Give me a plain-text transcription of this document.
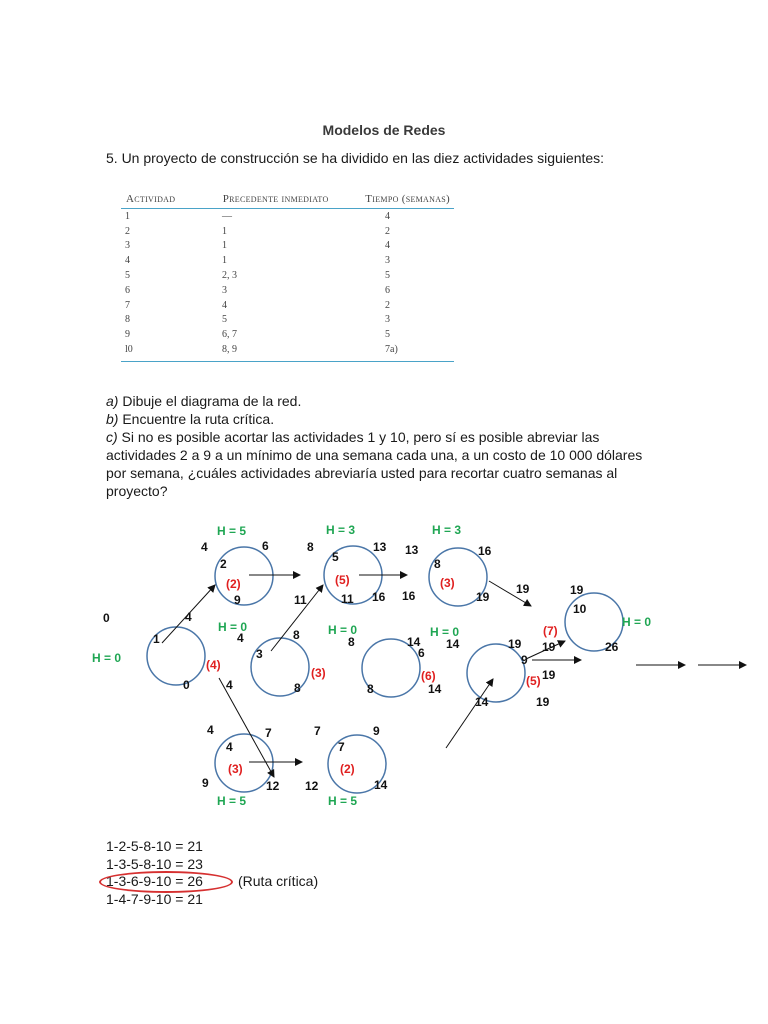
Modelos de Redes
5. Un proyecto de construcción se ha dividido en las diez actividades siguientes:
Actividad	Precedente inmediato	Tiempo (semanas)
1	—	4
2	1	2
3	1	4
4	1	3
5	2, 3	5
6	3	6
7	4	2
8	5	3
9	6, 7	5
l0	8, 9	7a)

a) Dibuje el diagrama de la red.

b) Encuentre la ruta crítica.

c) Si no es posible acortar las actividades 1 y 10, pero sí es posible abreviar las actividades 2 a 9 a un mínimo de una semana cada una, a un costo de 10 000 dólares por semana, ¿cuáles actividades abreviaría usted para recortar cuatro semanas al proyecto?

0
H = 0
1
4
0
(4)
H = 5
4	6
2
(2)
9
H = 0
4	8
3
8
4
(3)
4	7
4
(3)
9	12
H = 5
H = 3
8	13
5
(5)
11	11 16
H = 0
8	14
6
(6)
8	14
7	9
7
(2)
12	14
H = 5
H = 3
13	16
8
(3)
16	19
19
H = 0
14	19
9
(5)
14	19
19
19
10
H = 0
(7)
19	26
1-2-5-8-10 = 21
1-3-5-8-10 = 23
1-3-6-9-10 = 26	(Ruta crítica)
1-4-7-9-10 = 21
